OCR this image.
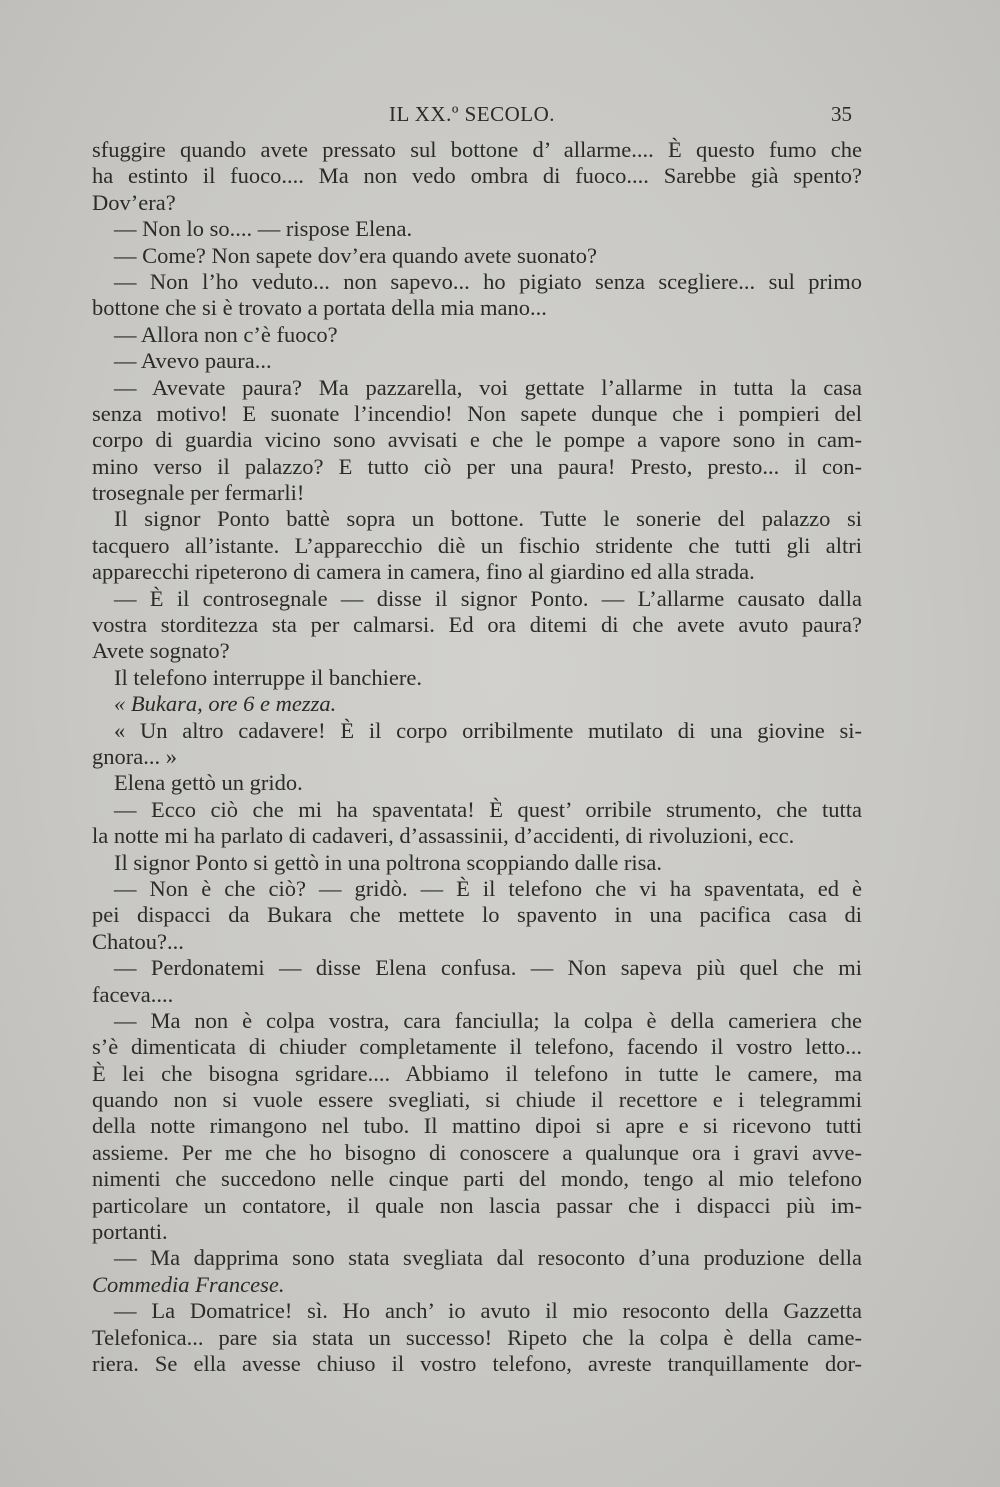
IL XX.º SECOLO.	35
sfuggire quando avete pressato sul bottone d’ allarme.... È questo fumo che
ha estinto il fuoco.... Ma non vedo ombra di fuoco.... Sarebbe già spento?
Dov’era?
— Non lo so.... — rispose Elena.
— Come? Non sapete dov’era quando avete suonato?
— Non l’ho veduto... non sapevo... ho pigiato senza scegliere... sul primo
bottone che si è trovato a portata della mia mano...
— Allora non c’è fuoco?
— Avevo paura...
— Avevate paura? Ma pazzarella, voi gettate l’allarme in tutta la casa
senza motivo! E suonate l’incendio! Non sapete dunque che i pompieri del
corpo di guardia vicino sono avvisati e che le pompe a vapore sono in cam-
mino verso il palazzo? E tutto ciò per una paura! Presto, presto... il con-
trosegnale per fermarli!
Il signor Ponto battè sopra un bottone. Tutte le sonerie del palazzo si
tacquero all’istante. L’apparecchio diè un fischio stridente che tutti gli altri
apparecchi ripeterono di camera in camera, fino al giardino ed alla strada.
— È il controsegnale — disse il signor Ponto. — L’allarme causato dalla
vostra storditezza sta per calmarsi. Ed ora ditemi di che avete avuto paura?
Avete sognato?
Il telefono interruppe il banchiere.
« Bukara, ore 6 e mezza.
« Un altro cadavere! È il corpo orribilmente mutilato di una giovine si-
gnora... »
Elena gettò un grido.
— Ecco ciò che mi ha spaventata! È quest’ orribile strumento, che tutta
la notte mi ha parlato di cadaveri, d’assassinii, d’accidenti, di rivoluzioni, ecc.
Il signor Ponto si gettò in una poltrona scoppiando dalle risa.
— Non è che ciò? — gridò. — È il telefono che vi ha spaventata, ed è
pei dispacci da Bukara che mettete lo spavento in una pacifica casa di
Chatou?...
— Perdonatemi — disse Elena confusa. — Non sapeva più quel che mi
faceva....
— Ma non è colpa vostra, cara fanciulla; la colpa è della cameriera che
s’è dimenticata di chiuder completamente il telefono, facendo il vostro letto...
È lei che bisogna sgridare.... Abbiamo il telefono in tutte le camere, ma
quando non si vuole essere svegliati, si chiude il recettore e i telegrammi
della notte rimangono nel tubo. Il mattino dipoi si apre e si ricevono tutti
assieme. Per me che ho bisogno di conoscere a qualunque ora i gravi avve-
nimenti che succedono nelle cinque parti del mondo, tengo al mio telefono
particolare un contatore, il quale non lascia passar che i dispacci più im-
portanti.
— Ma dapprima sono stata svegliata dal resoconto d’una produzione della
Commedia Francese.
— La Domatrice! sì. Ho anch’ io avuto il mio resoconto della Gazzetta
Telefonica... pare sia stata un successo! Ripeto che la colpa è della came-
riera. Se ella avesse chiuso il vostro telefono, avreste tranquillamente dor-
